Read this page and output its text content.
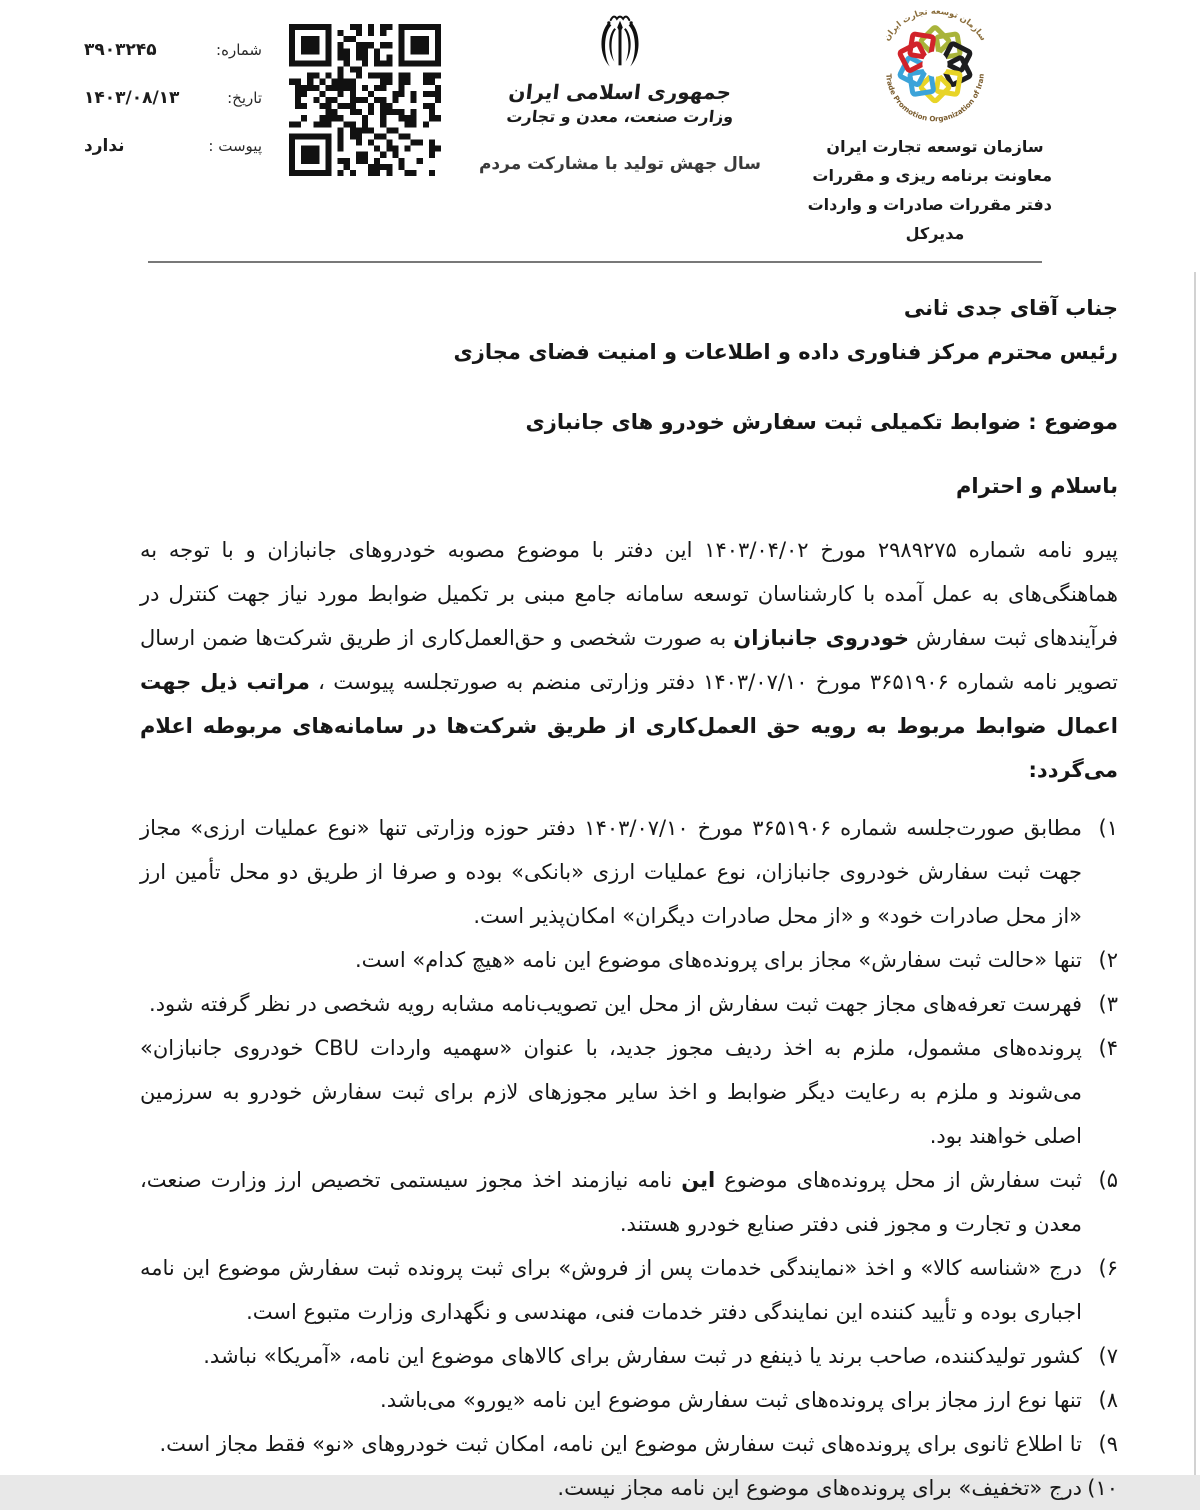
شماره:
۳۹۰۳۲۴۵
تاریخ:
۱۴۰۳/۰۸/۱۳
پیوست :
ندارد
جمهوری اسلامی ایران
وزارت صنعت، معدن و تجارت
سال جهش تولید با مشارکت مردم
سازمان توسعه تجارت ایران
Trade Promotion Organization of Iran
سازمان توسعه تجارت ایران
معاونت برنامه ریزی و مقررات
دفتر مقررات صادرات و واردات
مدیرکل
جناب آقای جدی ثانی
رئیس محترم مرکز فناوری داده و اطلاعات و امنیت فضای مجازی
موضوع : ضوابط تکمیلی ثبت سفارش خودرو های جانبازی
باسلام و احترام
پیرو نامه شماره ۲۹۸۹۲۷۵ مورخ ۱۴۰۳/۰۴/۰۲ این دفتر با موضوع مصوبه خودروهای جانبازان و با توجه به هماهنگی‌های به عمل آمده با کارشناسان توسعه سامانه جامع مبنی بر تکمیل ضوابط مورد نیاز جهت کنترل در فرآیندهای ثبت سفارش خودروی جانبازان به صورت شخصی و حق‌العمل‌کاری از طریق شرکت‌ها ضمن ارسال تصویر نامه شماره ۳۶۵۱۹۰۶ مورخ ۱۴۰۳/۰۷/۱۰ دفتر وزارتی منضم به صورتجلسه پیوست ، مراتب ذیل جهت اعمال ضوابط مربوط به رویه حق العمل‌کاری از طریق شرکت‌ها در سامانه‌های مربوطه اعلام می‌گردد:
۱)
مطابق صورت‌جلسه شماره ۳۶۵۱۹۰۶ مورخ ۱۴۰۳/۰۷/۱۰ دفتر حوزه وزارتی تنها «نوع عملیات ارزی» مجاز جهت ثبت سفارش خودروی جانبازان، نوع عملیات ارزی «بانکی» بوده و صرفا از طریق دو محل تأمین ارز «از محل صادرات خود» و «از محل صادرات دیگران» امکان‌پذیر است.
۲)
تنها «حالت ثبت سفارش» مجاز برای پرونده‌های موضوع این نامه «هیچ کدام» است.
۳)
فهرست تعرفه‌های مجاز جهت ثبت سفارش از محل این تصویب‌نامه مشابه رویه شخصی در نظر گرفته شود.
۴)
پرونده‌های مشمول، ملزم به اخذ ردیف مجوز جدید، با عنوان «سهمیه واردات CBU خودروی جانبازان» می‌شوند و ملزم به رعایت دیگر ضوابط و اخذ سایر مجوزهای لازم برای ثبت سفارش خودرو به سرزمین اصلی خواهند بود.
۵)
ثبت سفارش از محل پرونده‌های موضوع این نامه نیازمند اخذ مجوز سیستمی تخصیص ارز وزارت صنعت، معدن و تجارت و مجوز فنی دفتر صنایع خودرو هستند.
۶)
درج «شناسه کالا» و اخذ «نمایندگی خدمات پس از فروش» برای ثبت پرونده ثبت سفارش موضوع این نامه اجباری بوده و تأیید کننده این نمایندگی دفتر خدمات فنی، مهندسی و نگهداری وزارت متبوع است.
۷)
کشور تولیدکننده، صاحب برند یا ذینفع در ثبت سفارش برای کالاهای موضوع این نامه، «آمریکا» نباشد.
۸)
تنها نوع ارز مجاز برای پرونده‌های ثبت سفارش موضوع این نامه «یورو» می‌باشد.
۹)
تا اطلاع ثانوی برای پرونده‌های ثبت سفارش موضوع این نامه، امکان ثبت خودروهای «نو» فقط مجاز است.
۱۰)
درج «تخفیف» برای پرونده‌های موضوع این نامه مجاز نیست.
